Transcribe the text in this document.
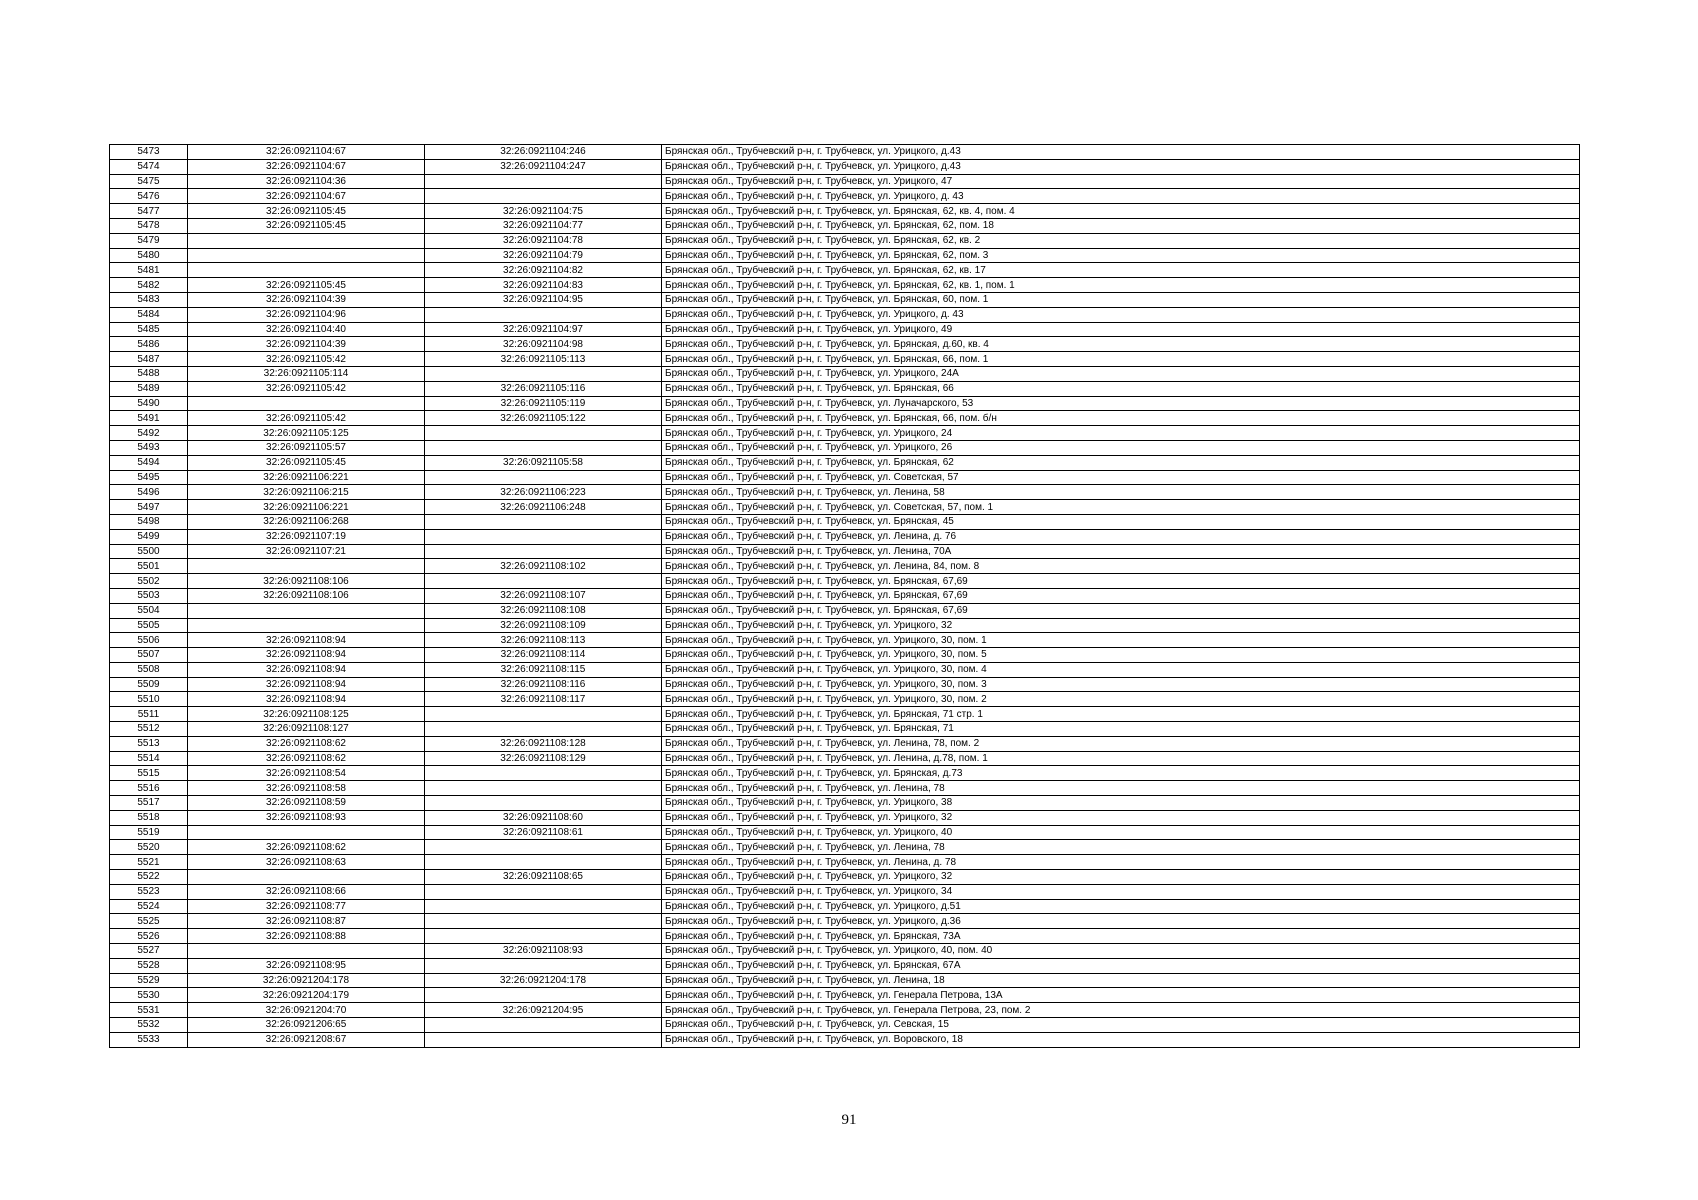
5473	32:26:0921104:67	32:26:0921104:246	Брянская обл., Трубчевский р-н, г. Трубчевск, ул. Урицкого, д.43
5474	32:26:0921104:67	32:26:0921104:247	Брянская обл., Трубчевский р-н, г. Трубчевск, ул. Урицкого, д.43
5475	32:26:0921104:36		Брянская обл., Трубчевский р-н, г. Трубчевск, ул. Урицкого, 47
5476	32:26:0921104:67		Брянская обл., Трубчевский р-н, г. Трубчевск, ул. Урицкого, д. 43
5477	32:26:0921105:45	32:26:0921104:75	Брянская обл., Трубчевский р-н, г. Трубчевск, ул. Брянская, 62, кв. 4, пом. 4
5478	32:26:0921105:45	32:26:0921104:77	Брянская обл., Трубчевский р-н, г. Трубчевск, ул. Брянская, 62, пом. 18
5479		32:26:0921104:78	Брянская обл., Трубчевский р-н, г. Трубчевск, ул. Брянская, 62, кв. 2
5480		32:26:0921104:79	Брянская обл., Трубчевский р-н, г. Трубчевск, ул. Брянская, 62, пом. 3
5481		32:26:0921104:82	Брянская обл., Трубчевский р-н, г. Трубчевск, ул. Брянская, 62, кв. 17
5482	32:26:0921105:45	32:26:0921104:83	Брянская обл., Трубчевский р-н, г. Трубчевск, ул. Брянская, 62, кв. 1, пом. 1
5483	32:26:0921104:39	32:26:0921104:95	Брянская обл., Трубчевский р-н, г. Трубчевск, ул. Брянская, 60, пом. 1
5484	32:26:0921104:96		Брянская обл., Трубчевский р-н, г. Трубчевск, ул. Урицкого, д. 43
5485	32:26:0921104:40	32:26:0921104:97	Брянская обл., Трубчевский р-н, г. Трубчевск, ул. Урицкого, 49
5486	32:26:0921104:39	32:26:0921104:98	Брянская обл., Трубчевский р-н, г. Трубчевск, ул. Брянская, д.60, кв. 4
5487	32:26:0921105:42	32:26:0921105:113	Брянская обл., Трубчевский р-н, г. Трубчевск, ул. Брянская, 66, пом. 1
5488	32:26:0921105:114		Брянская обл., Трубчевский р-н, г. Трубчевск, ул. Урицкого, 24А
5489	32:26:0921105:42	32:26:0921105:116	Брянская обл., Трубчевский р-н, г. Трубчевск, ул. Брянская, 66
5490		32:26:0921105:119	Брянская обл., Трубчевский р-н, г. Трубчевск, ул. Луначарского, 53
5491	32:26:0921105:42	32:26:0921105:122	Брянская обл., Трубчевский р-н, г. Трубчевск, ул. Брянская, 66, пом. б/н
5492	32:26:0921105:125		Брянская обл., Трубчевский р-н, г. Трубчевск, ул. Урицкого, 24
5493	32:26:0921105:57		Брянская обл., Трубчевский р-н, г. Трубчевск, ул. Урицкого, 26
5494	32:26:0921105:45	32:26:0921105:58	Брянская обл., Трубчевский р-н, г. Трубчевск, ул. Брянская, 62
5495	32:26:0921106:221		Брянская обл., Трубчевский р-н, г. Трубчевск, ул. Советская, 57
5496	32:26:0921106:215	32:26:0921106:223	Брянская обл., Трубчевский р-н, г. Трубчевск, ул. Ленина, 58
5497	32:26:0921106:221	32:26:0921106:248	Брянская обл., Трубчевский р-н, г. Трубчевск, ул. Советская, 57, пом. 1
5498	32:26:0921106:268		Брянская обл., Трубчевский р-н, г. Трубчевск, ул. Брянская, 45
5499	32:26:0921107:19		Брянская обл., Трубчевский р-н, г. Трубчевск, ул. Ленина, д. 76
5500	32:26:0921107:21		Брянская обл., Трубчевский р-н, г. Трубчевск, ул. Ленина, 70А
5501		32:26:0921108:102	Брянская обл., Трубчевский р-н, г. Трубчевск, ул. Ленина, 84, пом. 8
5502	32:26:0921108:106		Брянская обл., Трубчевский р-н, г. Трубчевск, ул. Брянская, 67,69
5503	32:26:0921108:106	32:26:0921108:107	Брянская обл., Трубчевский р-н, г. Трубчевск, ул. Брянская, 67,69
5504		32:26:0921108:108	Брянская обл., Трубчевский р-н, г. Трубчевск, ул. Брянская, 67,69
5505		32:26:0921108:109	Брянская обл., Трубчевский р-н, г. Трубчевск, ул. Урицкого, 32
5506	32:26:0921108:94	32:26:0921108:113	Брянская обл., Трубчевский р-н, г. Трубчевск, ул. Урицкого, 30, пом. 1
5507	32:26:0921108:94	32:26:0921108:114	Брянская обл., Трубчевский р-н, г. Трубчевск, ул. Урицкого, 30, пом. 5
5508	32:26:0921108:94	32:26:0921108:115	Брянская обл., Трубчевский р-н, г. Трубчевск, ул. Урицкого, 30, пом. 4
5509	32:26:0921108:94	32:26:0921108:116	Брянская обл., Трубчевский р-н, г. Трубчевск, ул. Урицкого, 30, пом. 3
5510	32:26:0921108:94	32:26:0921108:117	Брянская обл., Трубчевский р-н, г. Трубчевск, ул. Урицкого, 30, пом. 2
5511	32:26:0921108:125		Брянская обл., Трубчевский р-н, г. Трубчевск, ул. Брянская, 71 стр. 1
5512	32:26:0921108:127		Брянская обл., Трубчевский р-н, г. Трубчевск, ул. Брянская, 71
5513	32:26:0921108:62	32:26:0921108:128	Брянская обл., Трубчевский р-н, г. Трубчевск, ул. Ленина, 78, пом. 2
5514	32:26:0921108:62	32:26:0921108:129	Брянская обл., Трубчевский р-н, г. Трубчевск, ул. Ленина, д.78, пом. 1
5515	32:26:0921108:54		Брянская обл., Трубчевский р-н, г. Трубчевск, ул. Брянская, д.73
5516	32:26:0921108:58		Брянская обл., Трубчевский р-н, г. Трубчевск, ул. Ленина, 78
5517	32:26:0921108:59		Брянская обл., Трубчевский р-н, г. Трубчевск, ул. Урицкого, 38
5518	32:26:0921108:93	32:26:0921108:60	Брянская обл., Трубчевский р-н, г. Трубчевск, ул. Урицкого, 32
5519		32:26:0921108:61	Брянская обл., Трубчевский р-н, г. Трубчевск, ул. Урицкого, 40
5520	32:26:0921108:62		Брянская обл., Трубчевский р-н, г. Трубчевск, ул. Ленина, 78
5521	32:26:0921108:63		Брянская обл., Трубчевский р-н, г. Трубчевск, ул. Ленина, д. 78
5522		32:26:0921108:65	Брянская обл., Трубчевский р-н, г. Трубчевск, ул. Урицкого, 32
5523	32:26:0921108:66		Брянская обл., Трубчевский р-н, г. Трубчевск, ул. Урицкого, 34
5524	32:26:0921108:77		Брянская обл., Трубчевский р-н, г. Трубчевск, ул. Урицкого, д.51
5525	32:26:0921108:87		Брянская обл., Трубчевский р-н, г. Трубчевск, ул. Урицкого, д.36
5526	32:26:0921108:88		Брянская обл., Трубчевский р-н, г. Трубчевск, ул. Брянская, 73А
5527		32:26:0921108:93	Брянская обл., Трубчевский р-н, г. Трубчевск, ул. Урицкого, 40, пом. 40
5528	32:26:0921108:95		Брянская обл., Трубчевский р-н, г. Трубчевск, ул. Брянская, 67А
5529	32:26:0921204:178	32:26:0921204:178	Брянская обл., Трубчевский р-н, г. Трубчевск, ул. Ленина, 18
5530	32:26:0921204:179		Брянская обл., Трубчевский р-н, г. Трубчевск, ул. Генерала Петрова, 13А
5531	32:26:0921204:70	32:26:0921204:95	Брянская обл., Трубчевский р-н, г. Трубчевск, ул. Генерала Петрова, 23, пом. 2
5532	32:26:0921206:65		Брянская обл., Трубчевский р-н, г. Трубчевск, ул. Севская, 15
5533	32:26:0921208:67		Брянская обл., Трубчевский р-н, г. Трубчевск, ул. Воровского, 18
91
